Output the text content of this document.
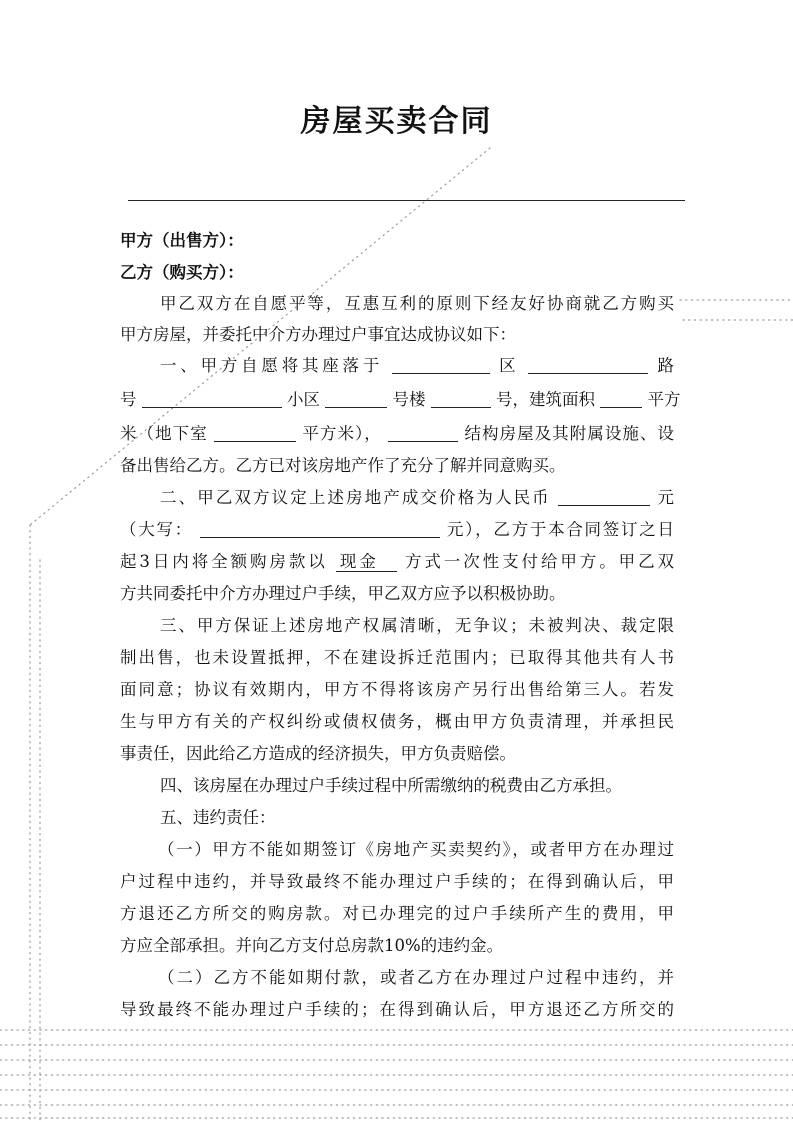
房屋买卖合同
甲方（出售方）：
乙方（购买方）：
甲乙双方在自愿平等，互惠互利的原则下经友好协商就乙方购买
甲方房屋，并委托中介方办理过户事宜达成协议如下：
一、甲方自愿将其座落于	区	路
号	小区	号楼	号，建筑面积	平方
米（地下室	平方米），	结构房屋及其附属设施、设
备出售给乙方。乙方已对该房地产作了充分了解并同意购买。
二、甲乙双方议定上述房地产成交价格为人民币	元
（大写：	元），乙方于本合同签订之日
起3日内将全额购房款以 现金 方式一次性支付给甲方。甲乙双
方共同委托中介方办理过户手续，甲乙双方应予以积极协助。
三、甲方保证上述房地产权属清晰，无争议；未被判决、裁定限
制出售，也未设置抵押，不在建设拆迁范围内；已取得其他共有人书
面同意；协议有效期内，甲方不得将该房产另行出售给第三人。若发
生与甲方有关的产权纠纷或债权债务，概由甲方负责清理，并承担民
事责任，因此给乙方造成的经济损失，甲方负责赔偿。
四、该房屋在办理过户手续过程中所需缴纳的税费由乙方承担。
五、违约责任：
（一）甲方不能如期签订《房地产买卖契约》，或者甲方在办理过
户过程中违约，并导致最终不能办理过户手续的；在得到确认后，甲
方退还乙方所交的购房款。对已办理完的过户手续所产生的费用，甲
方应全部承担。并向乙方支付总房款10%的违约金。
（二）乙方不能如期付款，或者乙方在办理过户过程中违约，并
导致最终不能办理过户手续的；在得到确认后，甲方退还乙方所交的
